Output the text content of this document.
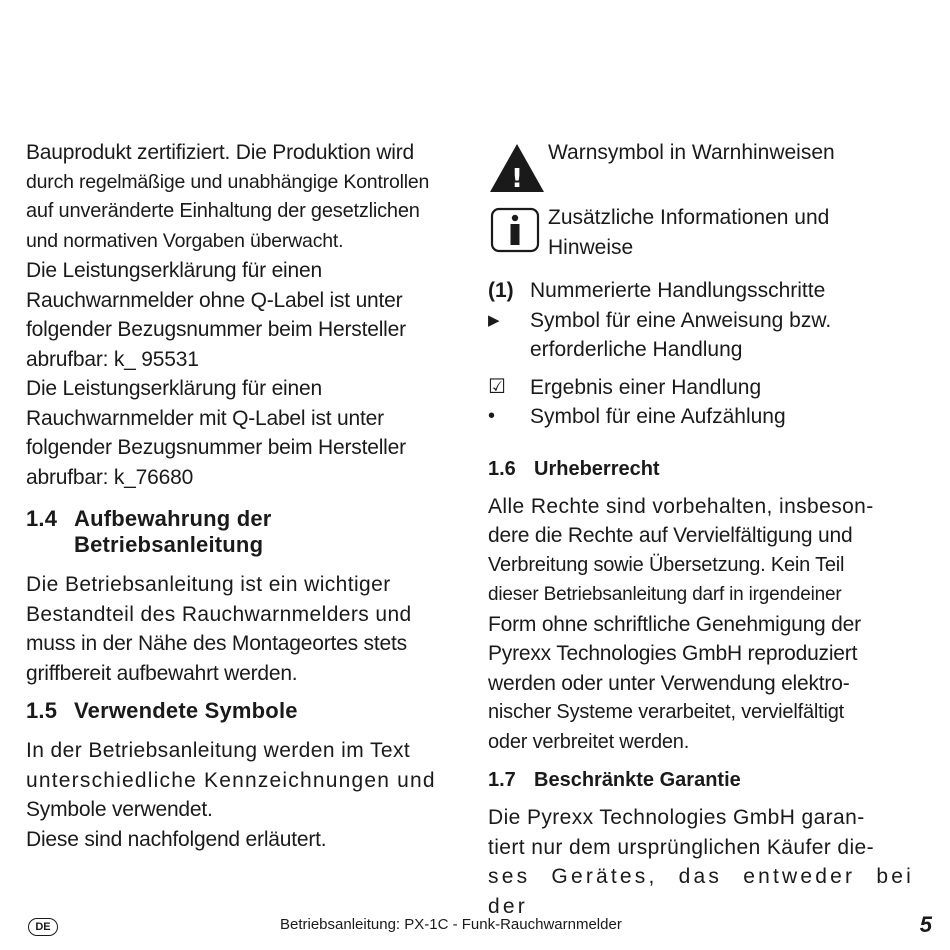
Bauprodukt zertifiziert. Die Produktion wird

durch regelmäßige und unabhängige Kontrollen

auf unveränderte Einhaltung der gesetzlichen

und normativen Vorgaben überwacht.

Die Leistungserklärung für einen

Rauchwarnmelder ohne Q-Label ist unter

folgender Bezugsnummer beim Hersteller

abrufbar: k_ 95531

Die Leistungserklärung für einen

Rauchwarnmelder mit Q-Label ist unter

folgender Bezugsnummer beim Hersteller

abrufbar: k_76680

1.4 Aufbewahrung der
Betriebsanleitung

Die Betriebsanleitung ist ein wichtiger

Bestandteil des Rauchwarnmelders und

muss in der Nähe des Montageortes stets

griffbereit aufbewahrt werden.

1.5 Verwendete Symbole

In der Betriebsanleitung werden im Text

unterschiedliche Kennzeichnungen und

Symbole verwendet.

Diese sind nachfolgend erläutert.

!
Warnsymbol in Warnhinweisen
Zusätzliche Informationen und
Hinweise
(1) Nummerierte Handlungsschritte
▶	Symbol für eine Anweisung bzw.
erforderliche Handlung
☑	Ergebnis einer Handlung
•	Symbol für eine Aufzählung
1.6 Urheberrecht

Alle Rechte sind vorbehalten, insbeson-

dere die Rechte auf Vervielfältigung und

Verbreitung sowie Übersetzung. Kein Teil

dieser Betriebsanleitung darf in irgendeiner

Form ohne schriftliche Genehmigung der

Pyrexx Technologies GmbH reproduziert

werden oder unter Verwendung elektro-

nischer Systeme verarbeitet, vervielfältigt

oder verbreitet werden.

1.7 Beschränkte Garantie

Die Pyrexx Technologies GmbH garan-

tiert nur dem ursprünglichen Käufer die-

ses Gerätes, das entweder bei der

DE	Betriebsanleitung: PX-1C - Funk-Rauchwarnmelder	5
